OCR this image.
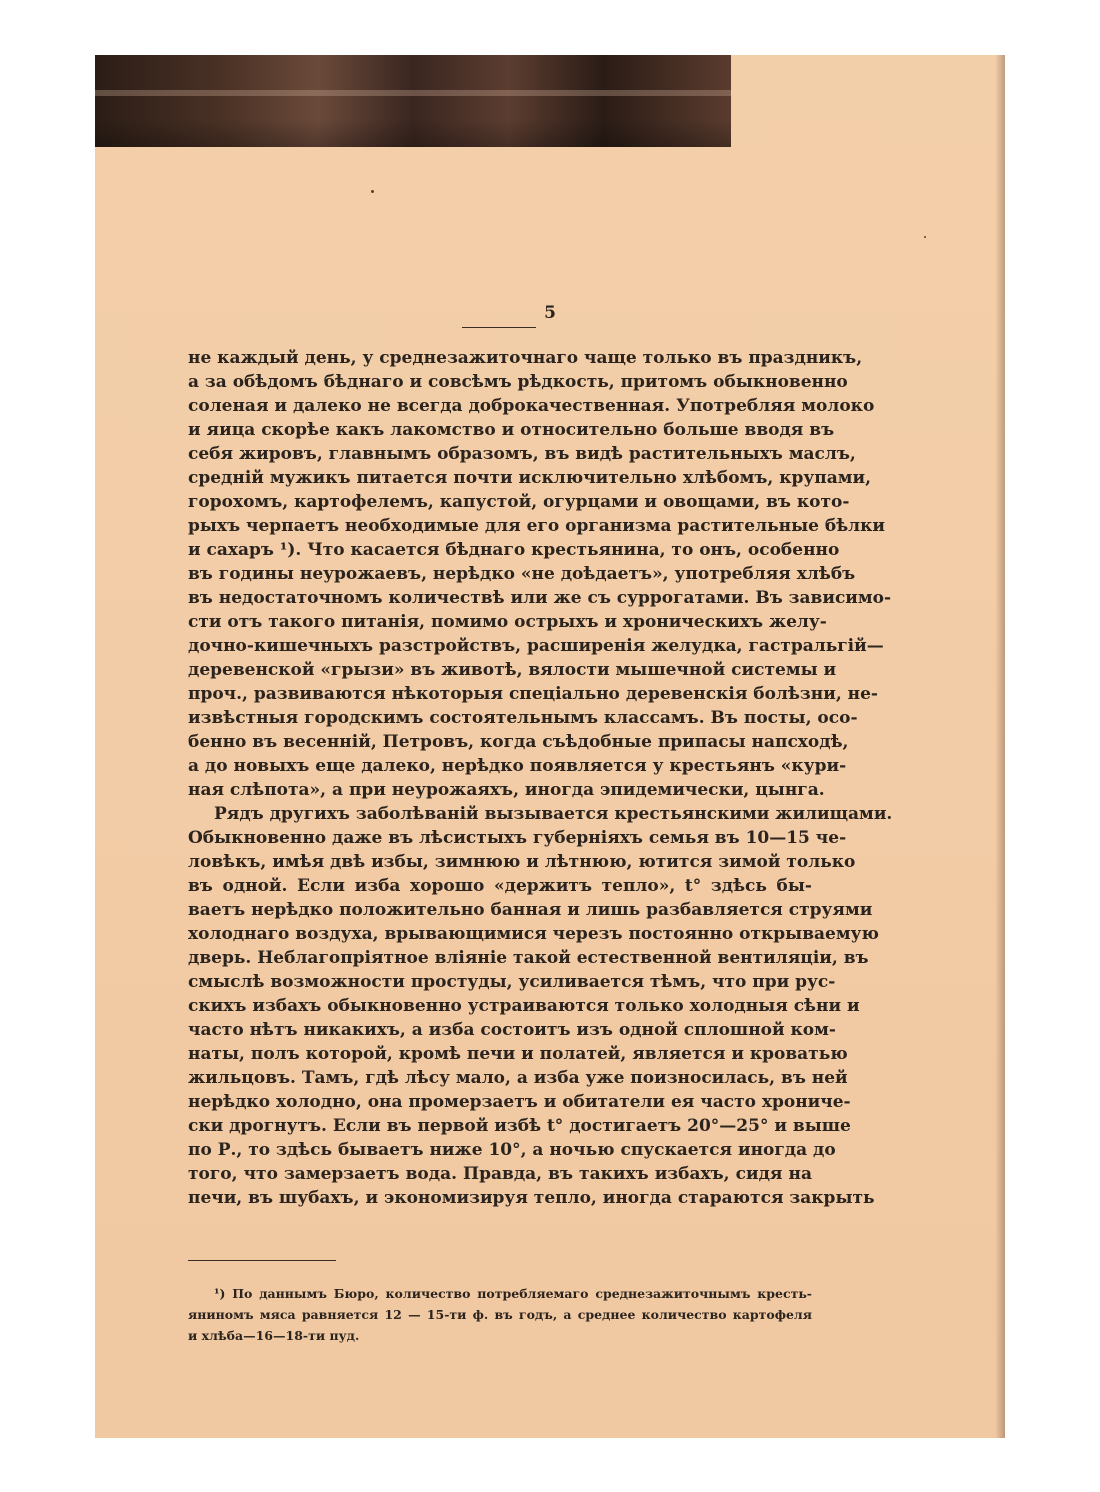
5
не каждый день, у среднезажиточнаго чаще только въ праздникъ,
а за обѣдомъ бѣднаго и совсѣмъ рѣдкость, притомъ обыкновенно
соленая и далеко не всегда доброкачественная. Употребляя молоко
и яица скорѣе какъ лакомство и относительно больше вводя въ
себя жировъ, главнымъ образомъ, въ видѣ растительныхъ маслъ,
среднiй мужикъ питается почти исключительно хлѣбомъ, крупами,
горохомъ, картофелемъ, капустой, огурцами и овощами, въ кото-
рыхъ черпаетъ необходимые для его организма растительные бѣлки
и сахаръ ¹). Что касается бѣднаго крестьянина, то онъ, особенно
въ годины неурожаевъ, нерѣдко «не доѣдаетъ», употребляя хлѣбъ
въ недостаточномъ количествѣ или же съ суррогатами. Въ зависимо-
сти отъ такого питанiя, помимо острыхъ и хроническихъ желу-
дочно-кишечныхъ разстройствъ, расширенiя желудка, гастральгiй—
деревенской «грызи» въ животѣ, вялости мышечной системы и
проч., развиваются нѣкоторыя спецiально деревенскiя болѣзни, не-
извѣстныя городскимъ состоятельнымъ классамъ. Въ посты, осо-
бенно въ весеннiй, Петровъ, когда съѣдобные припасы напсходѣ,
а до новыхъ еще далеко, нерѣдко появляется у крестьянъ «кури-
ная слѣпота», а при неурожаяхъ, иногда эпидемически, цынга.
Рядъ другихъ заболѣванiй вызывается крестьянскими жилищами.
Обыкновенно даже въ лѣсистыхъ губернiяхъ семья въ 10—15 че-
ловѣкъ, имѣя двѣ избы, зимнюю и лѣтнюю, ютится зимой только
въ одной. Если изба хорошо «держитъ тепло», t° здѣсь бы-
ваетъ нерѣдко положительно банная и лишь разбавляется струями
холоднаго воздуха, врывающимися черезъ постоянно открываемую
дверь. Неблагопрiятное влiянiе такой естественной вентиляцiи, въ
смыслѣ возможности простуды, усиливается тѣмъ, что при рус-
скихъ избахъ обыкновенно устраиваются только холодныя сѣни и
часто нѣтъ никакихъ, а изба состоитъ изъ одной сплошной ком-
наты, полъ которой, кромѣ печи и полатей, является и кроватью
жильцовъ. Тамъ, гдѣ лѣсу мало, а изба уже поизносилась, въ ней
нерѣдко холодно, она промерзаетъ и обитатели ея часто хрониче-
ски дрогнутъ. Если въ первой избѣ t° достигаетъ 20°—25° и выше
по Р., то здѣсь бываетъ ниже 10°, а ночью спускается иногда до
того, что замерзаетъ вода. Правда, въ такихъ избахъ, сидя на
печи, въ шубахъ, и экономизируя тепло, иногда стараются закрыть
¹) По даннымъ Бюро, количество потребляемаго среднезажиточнымъ кресть-
яниномъ мяса равняется 12 — 15-ти ф. въ годъ, а среднее количество картофеля
и хлѣба—16—18-ти пуд.
